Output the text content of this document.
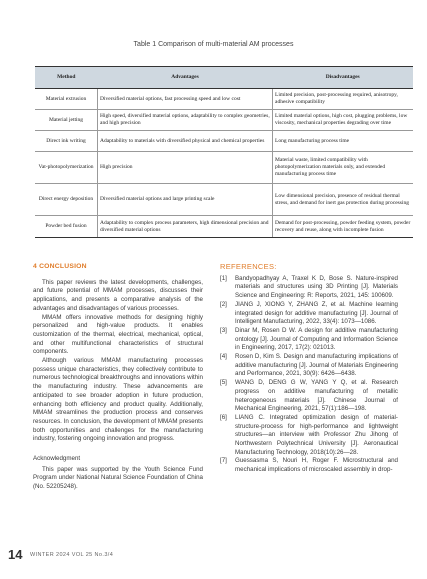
Table 1 Comparison of multi-material AM processes
Method	Advantages	Disadvantages
Material extrusion	Diversified material options, fast processing speed and low cost	Limited precision, post-processing required, anisotropy, adhesive compatibility
Material jetting	High speed, diversified material options, adaptability to complex geometries, and high precision	Limited material options, high cost, plugging problems, low viscosity, mechanical properties degrading over time
Direct ink writing	Adaptability to materials with diversified physical and chemical properties	Long manufacturing process time
Vat-photopolymerization	High precision	Material waste, limited compatibility with photopolymerization materials only, and extended manufacturing process time
Direct energy deposition	Diversified material options and large printing scale	Low dimensional precision, presence of residual thermal stress, and demand for inert gas protection during processing
Powder bed fusion	Adaptability to complex process parameters, high dimensional precision and diversified material options	Demand for post-processing, powder feeding system, powder recovery and reuse, along with incomplete fusion
4 CONCLUSION

This paper reviews the latest developments, challenges, and future potential of MMAM processes, discusses their applications, and presents a comparative analysis of the advantages and disadvantages of various processes.

MMAM offers innovative methods for designing highly personalized and high-value products. It enables customization of the thermal, electrical, mechanical, optical, and other multifunctional characteristics of structural components.

Although various MMAM manufacturing processes possess unique characteristics, they collectively contribute to numerous technological breakthroughs and innovations within the manufacturing industry. These advancements are anticipated to see broader adoption in future production, enhancing both efficiency and product quality. Additionally, MMAM streamlines the production process and conserves resources. In conclusion, the development of MMAM presents both opportunities and challenges for the manufacturing industry, fostering ongoing innovation and progress.

Acknowledgment

This paper was supported by the Youth Science Fund Program under National Natural Science Foundation of China (No. 52205248).

REFERENCES:
[1]	Bandyopadhyay A, Traxel K D, Bose S. Nature-inspired materials and structures using 3D Printing [J]. Materials Science and Engineering: R: Reports, 2021, 145: 100609.
[2]	JIANG J, XIONG Y, ZHANG Z, et al. Machine learning integrated design for additive manufacturing [J]. Journal of Intelligent Manufacturing, 2022, 33(4): 1073—1086.
[3]	Dinar M, Rosen D W. A design for additive manufacturing ontology [J]. Journal of Computing and Information Science in Engineering, 2017, 17(2): 021013.
[4]	Rosen D, Kim S. Design and manufacturing implications of additive manufacturing [J]. Journal of Materials Engineering and Performance, 2021, 30(9): 6426—6438.
[5]	WANG D, DENG G W, YANG Y Q, et al. Research progress on additive manufacturing of metallic heterogeneous materials [J]. Chinese Journal of Mechanical Engineering, 2021, 57(1):186—198.
[6]	LIANG C. Integrated optimization design of material-structure-process for high-performance and lightweight structures—an interview with Professor Zhu Jihong of Northwestern Polytechnical University [J]. Aeronautical Manufacturing Technology, 2018(10):26—28.
[7]	Guessasma S, Nouri H, Roger F. Microstructural and mechanical implications of microscaled assembly in drop-
14 WINTER 2024 VOL 25 No.3/4
